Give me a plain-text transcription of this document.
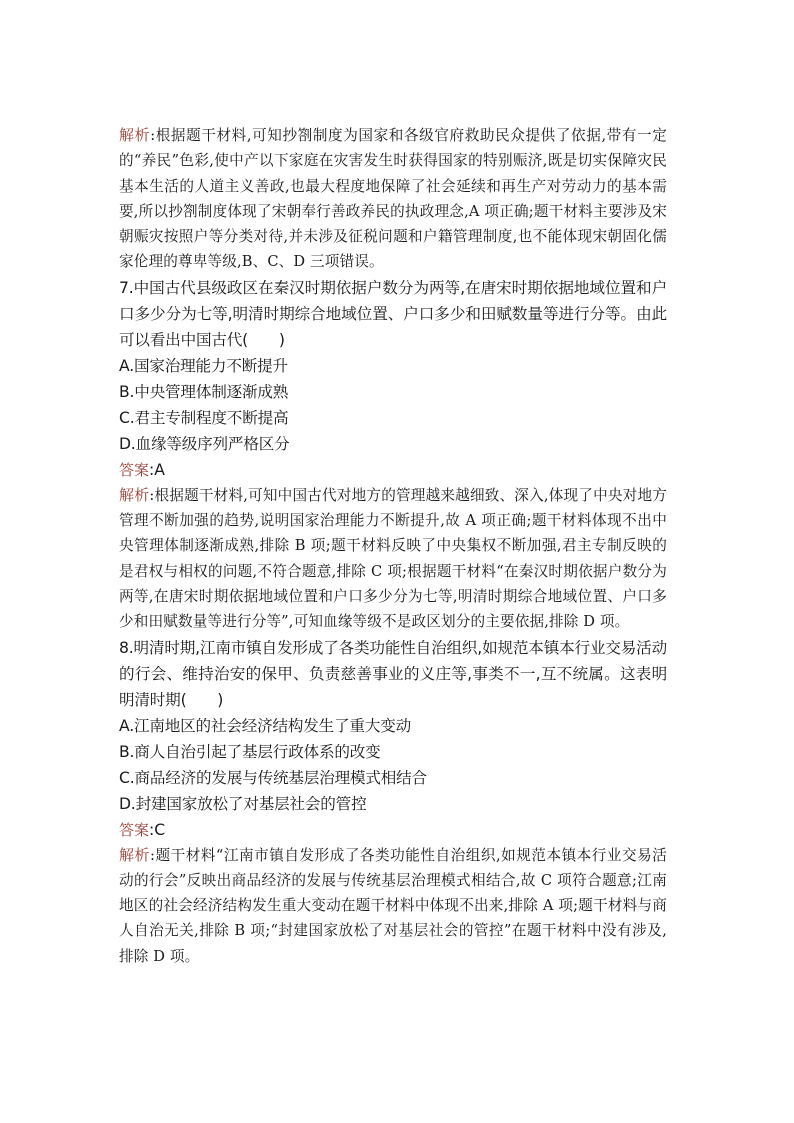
解析:根据题干材料,可知抄劄制度为国家和各级官府救助民众提供了依据,带有一定的“养民”色彩,使中产以下家庭在灾害发生时获得国家的特别赈济,既是切实保障灾民基本生活的人道主义善政,也最大程度地保障了社会延续和再生产对劳动力的基本需要,所以抄劄制度体现了宋朝奉行善政养民的执政理念,A 项正确;题干材料主要涉及宋朝赈灾按照户等分类对待,并未涉及征税问题和户籍管理制度,也不能体现宋朝固化儒家伦理的尊卑等级,B、C、D 三项错误。

7.中国古代县级政区在秦汉时期依据户数分为两等,在唐宋时期依据地域位置和户口多少分为七等,明清时期综合地域位置、户口多少和田赋数量等进行分等。由此可以看出中国古代(　　)

A.国家治理能力不断提升

B.中央管理体制逐渐成熟

C.君主专制程度不断提高

D.血缘等级序列严格区分

答案:A

解析:根据题干材料,可知中国古代对地方的管理越来越细致、深入,体现了中央对地方管理不断加强的趋势,说明国家治理能力不断提升,故 A 项正确;题干材料体现不出中央管理体制逐渐成熟,排除 B 项;题干材料反映了中央集权不断加强,君主专制反映的是君权与相权的问题,不符合题意,排除 C 项;根据题干材料“在秦汉时期依据户数分为两等,在唐宋时期依据地域位置和户口多少分为七等,明清时期综合地域位置、户口多少和田赋数量等进行分等”,可知血缘等级不是政区划分的主要依据,排除 D 项。

8.明清时期,江南市镇自发形成了各类功能性自治组织,如规范本镇本行业交易活动的行会、维持治安的保甲、负责慈善事业的义庄等,事类不一,互不统属。这表明明清时期(　　)

A.江南地区的社会经济结构发生了重大变动

B.商人自治引起了基层行政体系的改变

C.商品经济的发展与传统基层治理模式相结合

D.封建国家放松了对基层社会的管控

答案:C

解析:题干材料“江南市镇自发形成了各类功能性自治组织,如规范本镇本行业交易活动的行会”反映出商品经济的发展与传统基层治理模式相结合,故 C 项符合题意;江南地区的社会经济结构发生重大变动在题干材料中体现不出来,排除 A 项;题干材料与商人自治无关,排除 B 项;“封建国家放松了对基层社会的管控”在题干材料中没有涉及,排除 D 项。
